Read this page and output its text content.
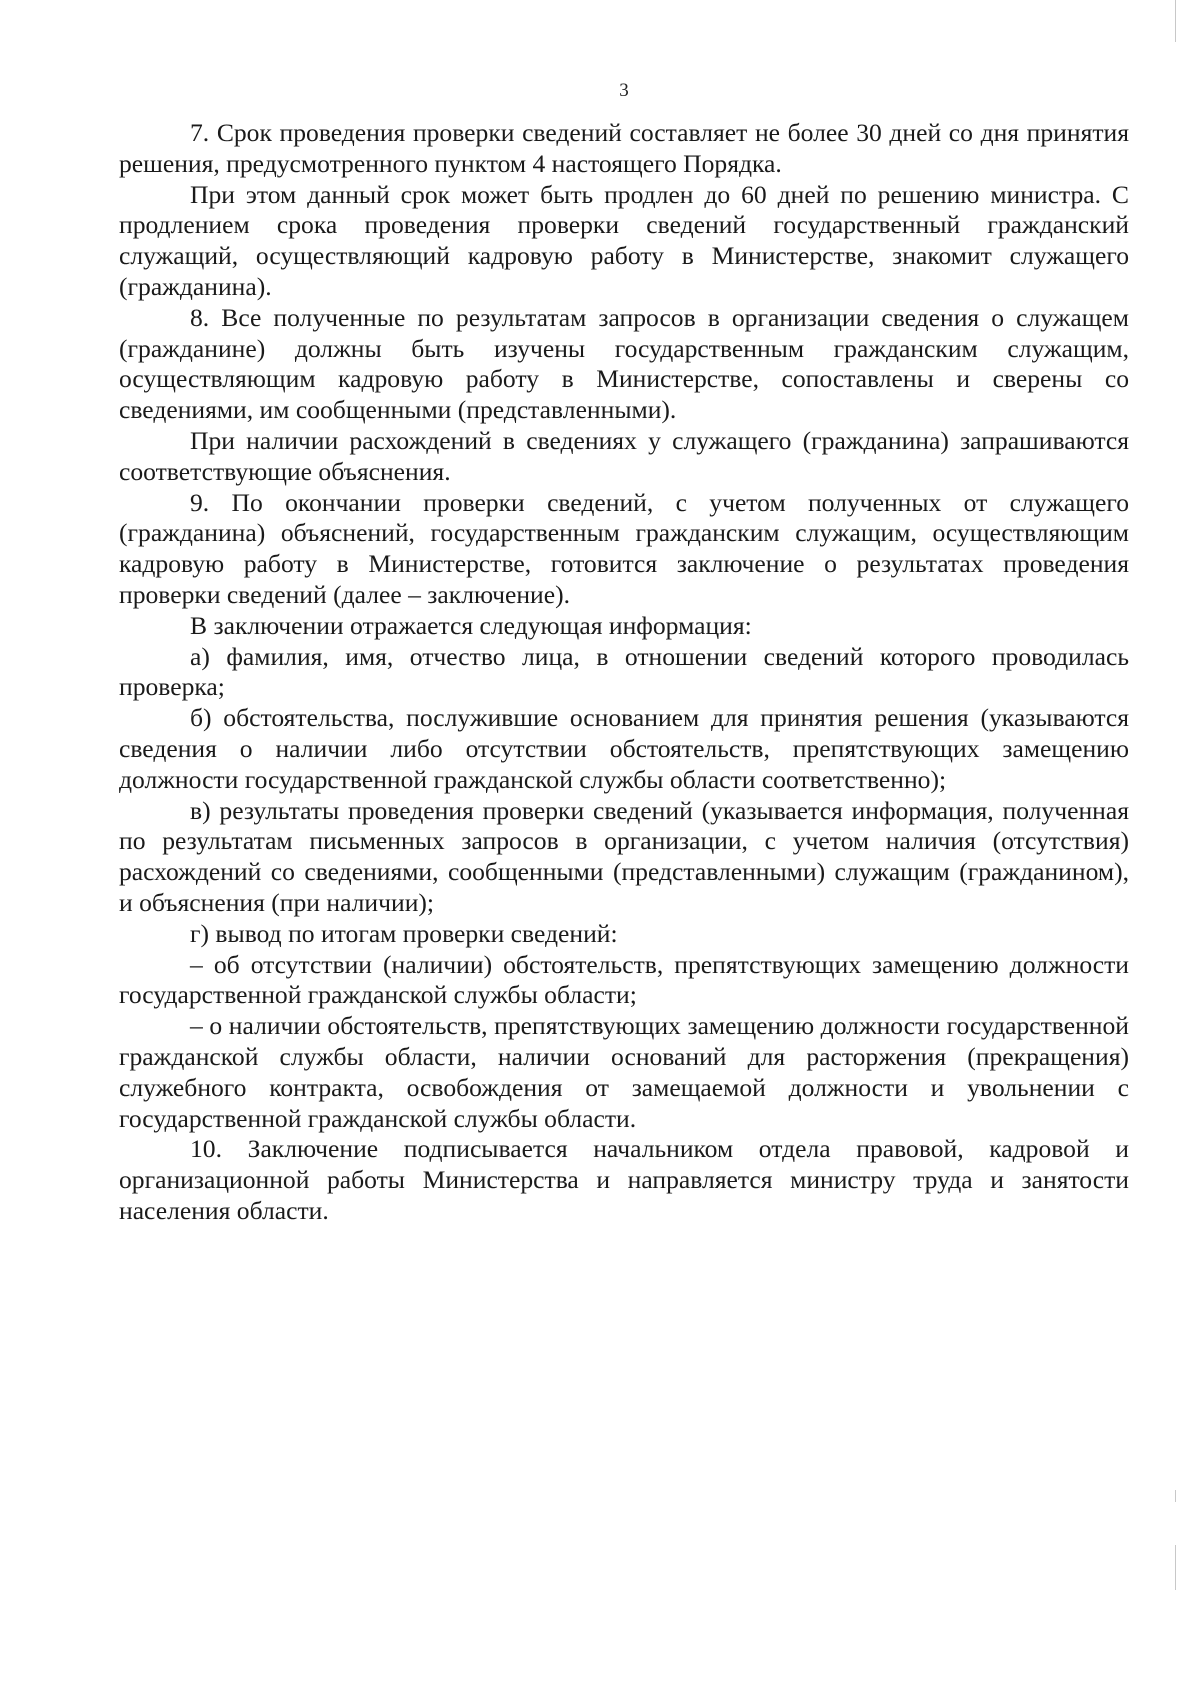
3

7. Срок проведения проверки сведений составляет не более 30 дней со дня принятия решения, предусмотренного пунктом 4 настоящего Порядка.

При этом данный срок может быть продлен до 60 дней по решению министра. С продлением срока проведения проверки сведений государственный гражданский служащий, осуществляющий кадровую работу в Министерстве, знакомит служащего (гражданина).

8. Все полученные по результатам запросов в организации сведения о служащем (гражданине) должны быть изучены государственным гражданским служащим, осуществляющим кадровую работу в Министерстве, сопоставлены и сверены со сведениями, им сообщенными (представленными).

При наличии расхождений в сведениях у служащего (гражданина) запрашиваются соответствующие объяснения.

9. По окончании проверки сведений, с учетом полученных от служащего (гражданина) объяснений, государственным гражданским служащим, осуществляющим кадровую работу в Министерстве, готовится заключение о результатах проведения проверки сведений (далее – заключение).

В заключении отражается следующая информация:

а) фамилия, имя, отчество лица, в отношении сведений которого проводилась проверка;

б) обстоятельства, послужившие основанием для принятия решения (указываются сведения о наличии либо отсутствии обстоятельств, препятствующих замещению должности государственной гражданской службы области соответственно);

в) результаты проведения проверки сведений (указывается информация, полученная по результатам письменных запросов в организации, с учетом наличия (отсутствия) расхождений со сведениями, сообщенными (представленными) служащим (гражданином), и объяснения (при наличии);

г) вывод по итогам проверки сведений:

– об отсутствии (наличии) обстоятельств, препятствующих замещению должности государственной гражданской службы области;

– о наличии обстоятельств, препятствующих замещению должности государственной гражданской службы области, наличии оснований для расторжения (прекращения) служебного контракта, освобождения от замещаемой должности и увольнении с государственной гражданской службы области.

10. Заключение подписывается начальником отдела правовой, кадровой и организационной работы Министерства и направляется министру труда и занятости населения области.
